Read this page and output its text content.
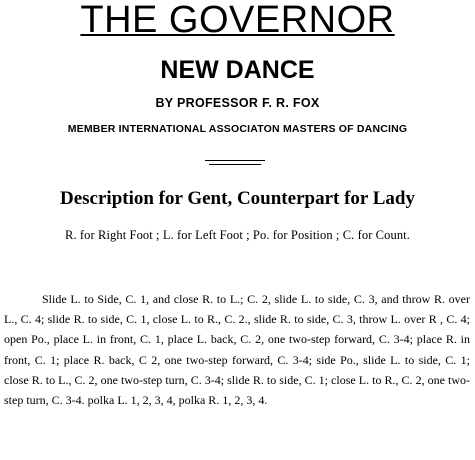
THE GOVERNOR
NEW DANCE
BY PROFESSOR F. R. FOX
MEMBER INTERNATIONAL ASSOCIATON MASTERS OF DANCING
Description for Gent, Counterpart for Lady
R. for Right Foot ; L. for Left Foot ; Po. for Position ; C. for Count.

Slide L. to Side, C. 1, and close R. to L.; C. 2, slide L. to side, C. 3, and throw R. over L., C. 4; slide R. to side, C. 1, close L. to R., C. 2., slide R. to side, C. 3, throw L. over R , C. 4; open Po., place L. in front, C. 1, place L. back, C. 2, one two-step forward, C. 3-4; place R. in front, C. 1; place R. back, C 2, one two-step forward, C. 3-4; side Po., slide L. to side, C. 1; close R. to L., C. 2, one two-step turn, C. 3-4; slide R. to side, C. 1; close L. to R., C. 2, one two-step turn, C. 3-4. polka L. 1, 2, 3, 4, polka R. 1, 2, 3, 4.
